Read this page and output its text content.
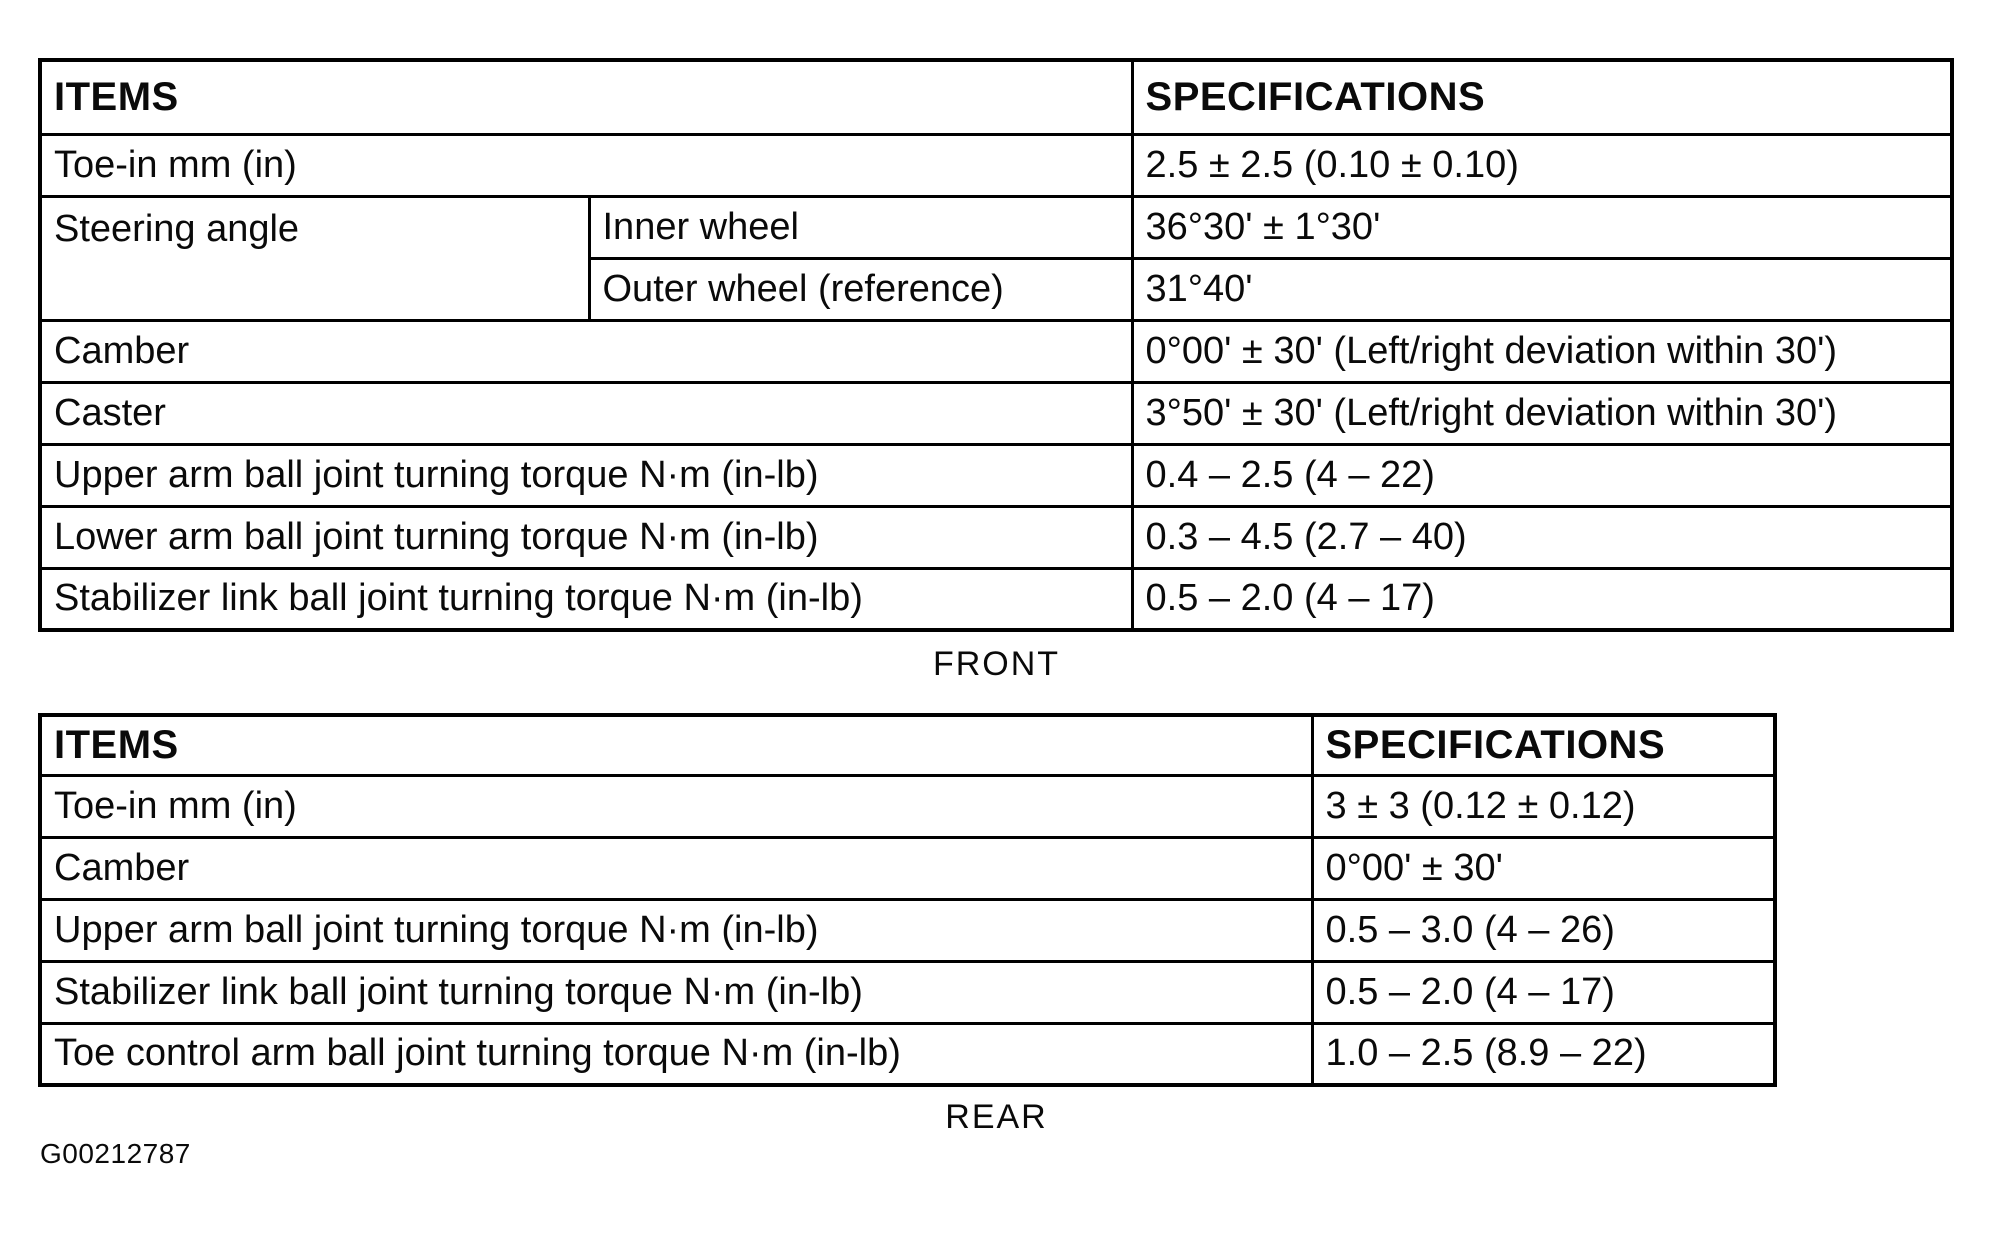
ITEMS		SPECIFICATIONS
Toe-in mm (in)		2.5 ± 2.5 (0.10 ± 0.10)
Steering angle	Inner wheel	36°30' ± 1°30'
	Outer wheel (reference)	31°40'
Camber		0°00' ± 30' (Left/right deviation within 30')
Caster		3°50' ± 30' (Left/right deviation within 30')
Upper arm ball joint turning torque N·m (in-lb)		0.4 – 2.5 (4 – 22)
Lower arm ball joint turning torque N·m (in-lb)		0.3 – 4.5 (2.7 – 40)
Stabilizer link ball joint turning torque N·m (in-lb)		0.5 – 2.0 (4 – 17)
FRONT
ITEMS	SPECIFICATIONS
Toe-in mm (in)	3 ± 3 (0.12 ± 0.12)
Camber	0°00' ± 30'
Upper arm ball joint turning torque N·m (in-lb)	0.5 – 3.0 (4 – 26)
Stabilizer link ball joint turning torque N·m (in-lb)	0.5 – 2.0 (4 – 17)
Toe control arm ball joint turning torque N·m (in-lb)	1.0 – 2.5 (8.9 – 22)
REAR
G00212787
